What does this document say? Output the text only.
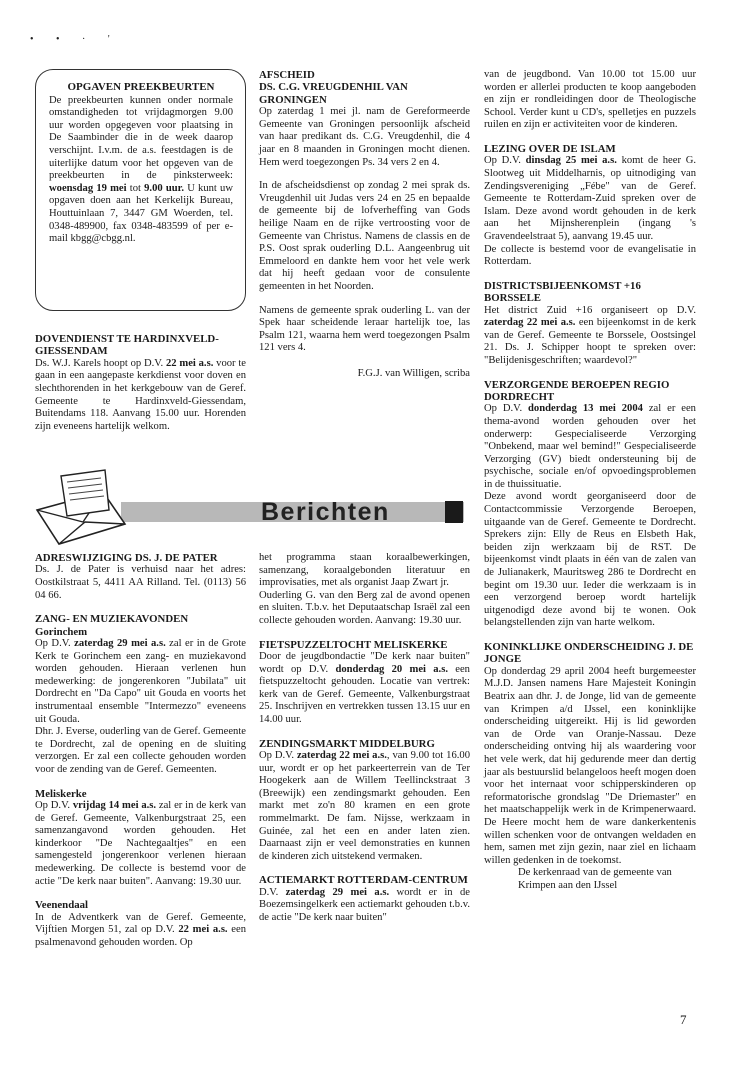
• • · '
OPGAVEN PREEKBEURTEN

De preekbeurten kunnen onder normale omstandigheden tot vrijdagmorgen 9.00 uur worden opgegeven voor plaatsing in De Saambinder die in de week daarop verschijnt. I.v.m. de a.s. feestdagen is de uiterlijke datum voor het opgeven van de preekbeurten in de pinksterweek: woensdag 19 mei tot 9.00 uur. U kunt uw opgaven doen aan het Kerkelijk Bureau, Houttuinlaan 7, 3447 GM Woerden, tel. 0348-489900, fax 0348-483599 of per e-mail kbgg@cbgg.nl.

DOVENDIENST TE HARDINXVELD-GIESSENDAM

Ds. W.J. Karels hoopt op D.V. 22 mei a.s. voor te gaan in een aangepaste kerkdienst voor doven en slechthorenden in het kerkgebouw van de Geref. Gemeente te Hardinxveld-Giessendam, Buitendams 118. Aanvang 15.00 uur. Horenden zijn eveneens hartelijk welkom.

AFSCHEID
DS. C.G. VREUGDENHIL VAN GRONINGEN

Op zaterdag 1 mei jl. nam de Gereformeerde Gemeente van Groningen persoonlijk afscheid van haar predikant ds. C.G. Vreugdenhil, die 4 jaar en 8 maanden in Groningen mocht dienen. Hem werd toegezongen Ps. 34 vers 2 en 4.

In de afscheidsdienst op zondag 2 mei sprak ds. Vreugdenhil uit Judas vers 24 en 25 en bepaalde de gemeente bij de lofverheffing van Gods heilige Naam en de rijke vertroosting voor de Gemeente van Christus. Namens de classis en de P.S. Oost sprak ouderling D.L. Aangeenbrug uit Emmeloord en dankte hem voor het vele werk dat hij heeft gedaan voor de consulente gemeenten in het Noorden.

Namens de gemeente sprak ouderling L. van der Spek haar scheidende leraar hartelijk toe, las Psalm 121, waarna hem werd toegezongen Psalm 121 vers 4.

F.G.J. van Willigen, scriba

van de jeugdbond. Van 10.00 tot 15.00 uur worden er allerlei producten te koop aangeboden en zijn er rondleidingen door de Theologische School. Verder kunt u CD's, spelletjes en puzzels ruilen en zijn er activiteiten voor de kinderen.

LEZING OVER DE ISLAM

Op D.V. dinsdag 25 mei a.s. komt de heer G. Slootweg uit Middelharnis, op uitnodiging van Zendingsvereniging „Fébe" van de Geref. Gemeente te Rotterdam-Zuid spreken over de Islam. Deze avond wordt gehouden in de kerk aan het Mijnsherenplein (ingang 's Gravendeelstraat 5), aanvang 19.45 uur.

De collecte is bestemd voor de evangelisatie in Rotterdam.

DISTRICTSBIJEENKOMST +16 BORSSELE

Het district Zuid +16 organiseert op D.V. zaterdag 22 mei a.s. een bijeenkomst in de kerk van de Geref. Gemeente te Borssele, Oostsingel 21. Ds. J. Schipper hoopt te spreken over: "Belijdenisgeschriften; waardevol?"

VERZORGENDE BEROEPEN REGIO DORDRECHT

Op D.V. donderdag 13 mei 2004 zal er een thema-avond worden gehouden over het onderwerp: Gespecialiseerde Verzorging "Onbekend, maar wel bemind!" Gespecialiseerde Verzorging (GV) biedt ondersteuning bij de psychische, sociale en/of opvoedingsproblemen in de thuissituatie.

Deze avond wordt georganiseerd door de Contactcommissie Verzorgende Beroepen, uitgaande van de Geref. Gemeente te Dordrecht. Sprekers zijn: Elly de Reus en Elsbeth Hak, beiden zijn werkzaam bij de RST. De bijeenkomst vindt plaats in één van de zalen van de Julianakerk, Mauritsweg 286 te Dordrecht en begint om 19.30 uur. Ieder die werkzaam is in een verzorgend beroep wordt hartelijk uitgenodigd deze avond bij te wonen. Ook belangstellenden zijn van harte welkom.

KONINKLIJKE ONDERSCHEIDING J. DE JONGE

Op donderdag 29 april 2004 heeft burgemeester M.J.D. Jansen namens Hare Majesteit Koningin Beatrix aan dhr. J. de Jonge, lid van de gemeente van Krimpen a/d IJssel, een koninklijke onderscheiding uitgereikt. Hij is lid geworden van de Orde van Oranje-Nassau. Deze onderscheiding ontving hij als waardering voor het vele werk, dat hij gedurende meer dan dertig jaar als bestuurslid belangeloos heeft mogen doen voor het internaat voor schipperskinderen op reformatorische grondslag "De Driemaster" en het maatschappelijk werk in de Krimpenerwaard. De Heere mocht hem de ware dankerkentenis willen schenken voor de ontvangen weldaden en hem, samen met zijn gezin, naar ziel en lichaam willen gedenken in de toekomst.

De kerkenraad van de gemeente van
Krimpen aan den IJssel
Berichten
ADRESWIJZIGING DS. J. DE PATER

Ds. J. de Pater is verhuisd naar het adres: Oostkilstraat 5, 4411 AA Rilland. Tel. (0113) 56 04 66.

ZANG- EN MUZIEKAVONDEN
Gorinchem

Op D.V. zaterdag 29 mei a.s. zal er in de Grote Kerk te Gorinchem een zang- en muziekavond worden gehouden. Hieraan verlenen hun medewerking: de jongerenkoren "Jubilata" uit Dordrecht en "Da Capo" uit Gouda en voorts het instrumentaal ensemble "Intermezzo" eveneens uit Gouda.

Dhr. J. Everse, ouderling van de Geref. Gemeente te Dordrecht, zal de opening en de sluiting verzorgen. Er zal een collecte gehouden worden voor de zending van de Geref. Gemeenten.

Meliskerke

Op D.V. vrijdag 14 mei a.s. zal er in de kerk van de Geref. Gemeente, Valkenburgstraat 25, een samenzangavond worden gehouden. Het kinderkoor "De Nachtegaaltjes" en een samengesteld jongerenkoor verlenen hieraan medewerking. De collecte is bestemd voor de actie "De kerk naar buiten". Aanvang: 19.30 uur.

Veenendaal

In de Adventkerk van de Geref. Gemeente, Vijftien Morgen 51, zal op D.V. 22 mei a.s. een psalmenavond gehouden worden. Op

het programma staan koraalbewerkingen, samenzang, koraalgebonden literatuur en improvisaties, met als organist Jaap Zwart jr.

Ouderling G. van den Berg zal de avond openen en sluiten. T.b.v. het Deputaatschap Israël zal een collecte gehouden worden. Aanvang: 19.30 uur.

FIETSPUZZELTOCHT MELISKERKE

Door de jeugdbondactie "De kerk naar buiten" wordt op D.V. donderdag 20 mei a.s. een fietspuzzeltocht gehouden. Locatie van vertrek: kerk van de Geref. Gemeente, Valkenburgstraat 25. Inschrijven en vertrekken tussen 13.15 uur en 14.00 uur.

ZENDINGSMARKT MIDDELBURG

Op D.V. zaterdag 22 mei a.s., van 9.00 tot 16.00 uur, wordt er op het parkeerterrein van de Ter Hoogekerk aan de Willem Teellinckstraat 3 (Breewijk) een zendingsmarkt gehouden. Een markt met zo'n 80 kramen en een grote rommelmarkt. De fam. Nijsse, werkzaam in Guinée, zal het een en ander laten zien. Daarnaast zijn er veel demonstraties en kunnen de kinderen zich uitstekend vermaken.

ACTIEMARKT ROTTERDAM-CENTRUM

D.V. zaterdag 29 mei a.s. wordt er in de Boezemsingelkerk een actiemarkt gehouden t.b.v. de actie "De kerk naar buiten"

7
